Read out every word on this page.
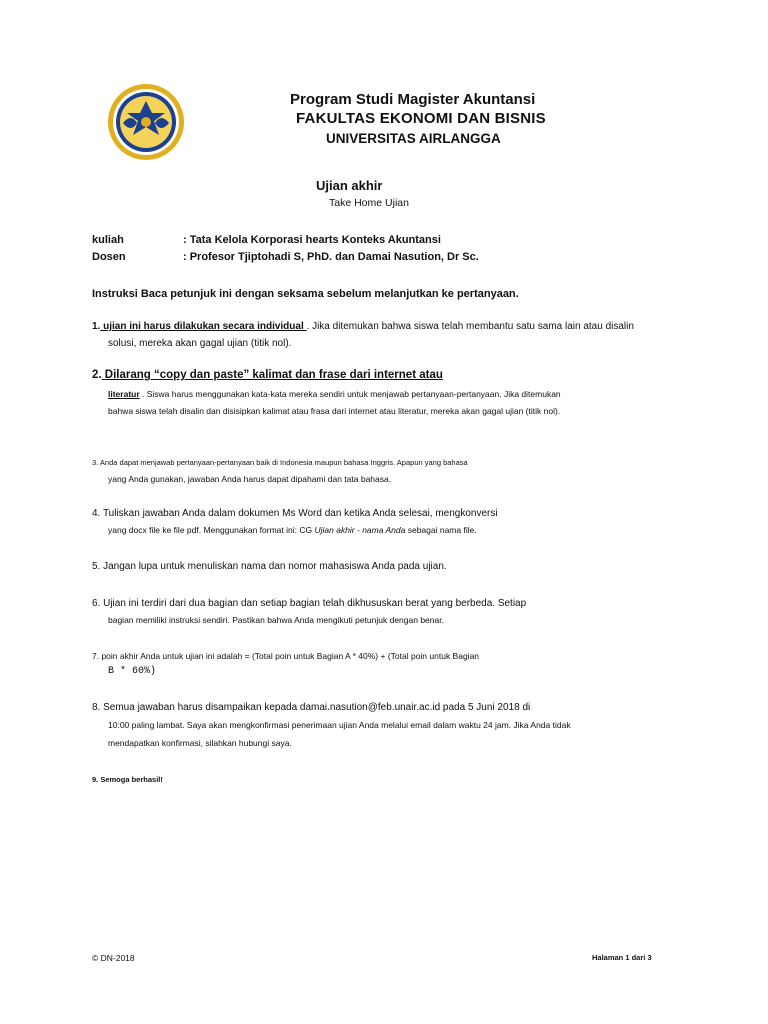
Program Studi Magister Akuntansi
FAKULTAS EKONOMI DAN BISNIS
UNIVERSITAS AIRLANGGA
Ujian akhir
Take Home Ujian
kuliah	: Tata Kelola Korporasi hearts Konteks Akuntansi
Dosen	: Profesor Tjiptohadi S, PhD. dan Damai Nasution, Dr Sc.
Instruksi Baca petunjuk ini dengan seksama sebelum melanjutkan ke pertanyaan.
1. ujian ini harus dilakukan secara individual . Jika ditemukan bahwa siswa telah membantu satu sama lain atau disalin
solusi, mereka akan gagal ujian (titik nol).
2. Dilarang “copy dan paste” kalimat dan frase dari internet atau
literatur . Siswa harus menggunakan kata-kata mereka sendiri untuk menjawab pertanyaan-pertanyaan. Jika ditemukan
bahwa siswa telah disalin dan disisipkan kalimat atau frasa dari internet atau literatur, mereka akan gagal ujian (titik nol).
3. Anda dapat menjawab pertanyaan-pertanyaan baik di Indonesia maupun bahasa Inggris. Apapun yang bahasa
yang Anda gunakan, jawaban Anda harus dapat dipahami dan tata bahasa.
4. Tuliskan jawaban Anda dalam dokumen Ms Word dan ketika Anda selesai, mengkonversi
yang docx file ke file pdf. Menggunakan format ini: CG Ujian akhir - nama Anda sebagai nama file.
5. Jangan lupa untuk menuliskan nama dan nomor mahasiswa Anda pada ujian.
6. Ujian ini terdiri dari dua bagian dan setiap bagian telah dikhususkan berat yang berbeda. Setiap
bagian memiliki instruksi sendiri. Pastikan bahwa Anda mengikuti petunjuk dengan benar.
7. poin akhir Anda untuk ujian ini adalah = (Total poin untuk Bagian A * 40%) + (Total poin untuk Bagian
B * 60%)
8. Semua jawaban harus disampaikan kepada damai.nasution@feb.unair.ac.id pada 5 Juni 2018 di
10:00 paling lambat. Saya akan mengkonfirmasi penerimaan ujian Anda melalui email dalam waktu 24 jam. Jika Anda tidak
mendapatkan konfirmasi, silahkan hubungi saya.
9. Semoga berhasil!
© DN-2018	Halaman 1 dari 3
